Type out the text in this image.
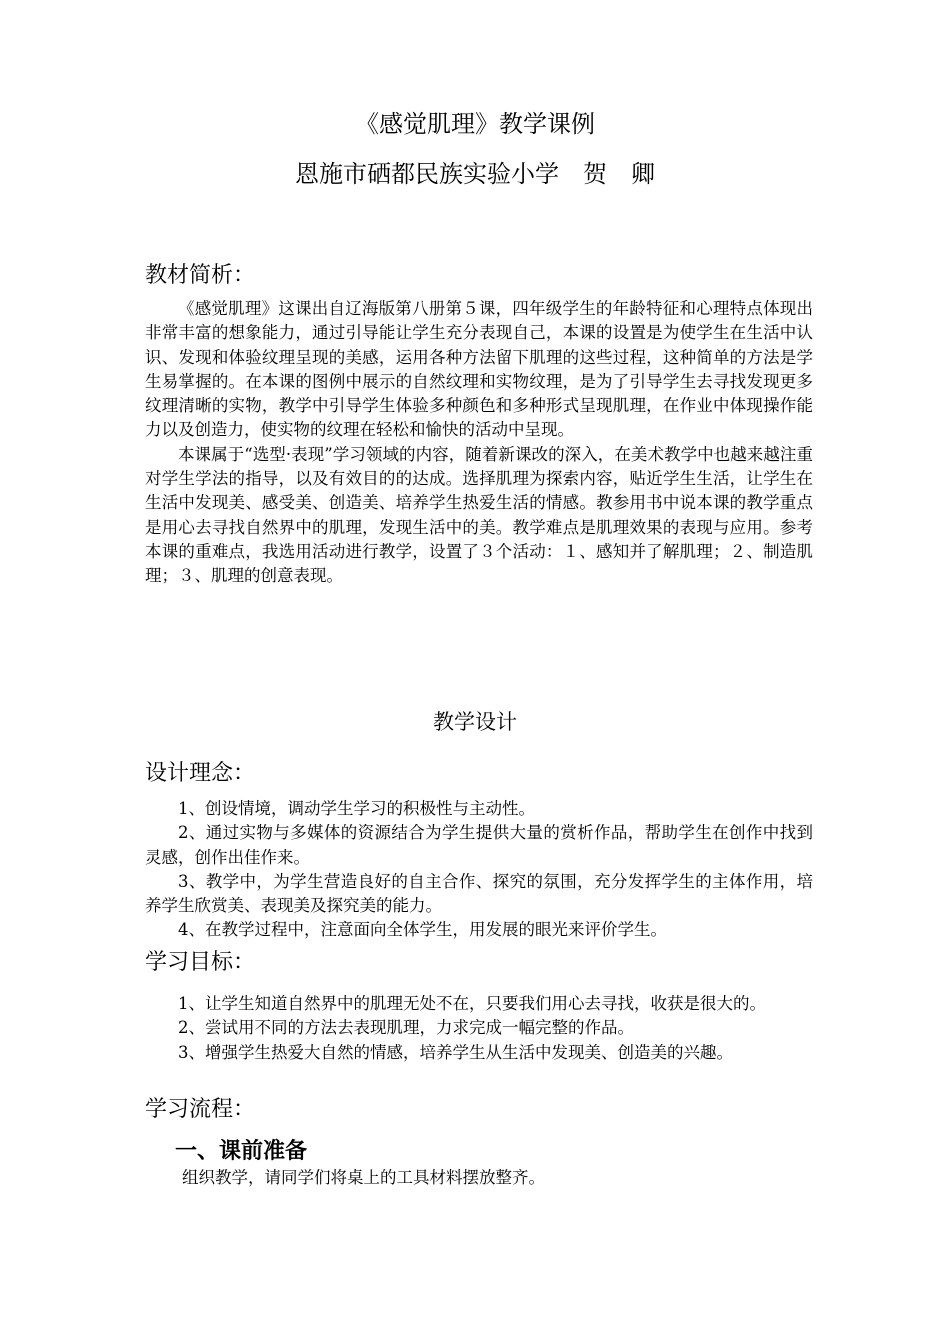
《感觉肌理》教学课例
恩施市硒都民族实验小学　贺　卿
教材简析：

《感觉肌理》这课出自辽海版第八册第５课，四年级学生的年龄特征和心理特点体现出非常丰富的想象能力，通过引导能让学生充分表现自己，本课的设置是为使学生在生活中认识、发现和体验纹理呈现的美感，运用各种方法留下肌理的这些过程，这种简单的方法是学生易掌握的。在本课的图例中展示的自然纹理和实物纹理，是为了引导学生去寻找发现更多纹理清晰的实物，教学中引导学生体验多种颜色和多种形式呈现肌理，在作业中体现操作能力以及创造力，使实物的纹理在轻松和愉快的活动中呈现。

本课属于“选型·表现”学习领域的内容，随着新课改的深入，在美术教学中也越来越注重对学生学法的指导，以及有效目的的达成。选择肌理为探索内容，贴近学生生活，让学生在生活中发现美、感受美、创造美、培养学生热爱生活的情感。教参用书中说本课的教学重点是用心去寻找自然界中的肌理，发现生活中的美。教学难点是肌理效果的表现与应用。参考本课的重难点，我选用活动进行教学，设置了３个活动：１、感知并了解肌理；２、制造肌理；３、肌理的创意表现。

教学设计
设计理念：

1、创设情境，调动学生学习的积极性与主动性。

2、通过实物与多媒体的资源结合为学生提供大量的赏析作品，帮助学生在创作中找到灵感，创作出佳作来。

3、教学中，为学生营造良好的自主合作、探究的氛围，充分发挥学生的主体作用，培养学生欣赏美、表现美及探究美的能力。

4、在教学过程中，注意面向全体学生，用发展的眼光来评价学生。

学习目标：

1、让学生知道自然界中的肌理无处不在，只要我们用心去寻找，收获是很大的。

2、尝试用不同的方法去表现肌理，力求完成一幅完整的作品。

3、增强学生热爱大自然的情感，培养学生从生活中发现美、创造美的兴趣。

学习流程：
一、课前准备

组织教学，请同学们将桌上的工具材料摆放整齐。
